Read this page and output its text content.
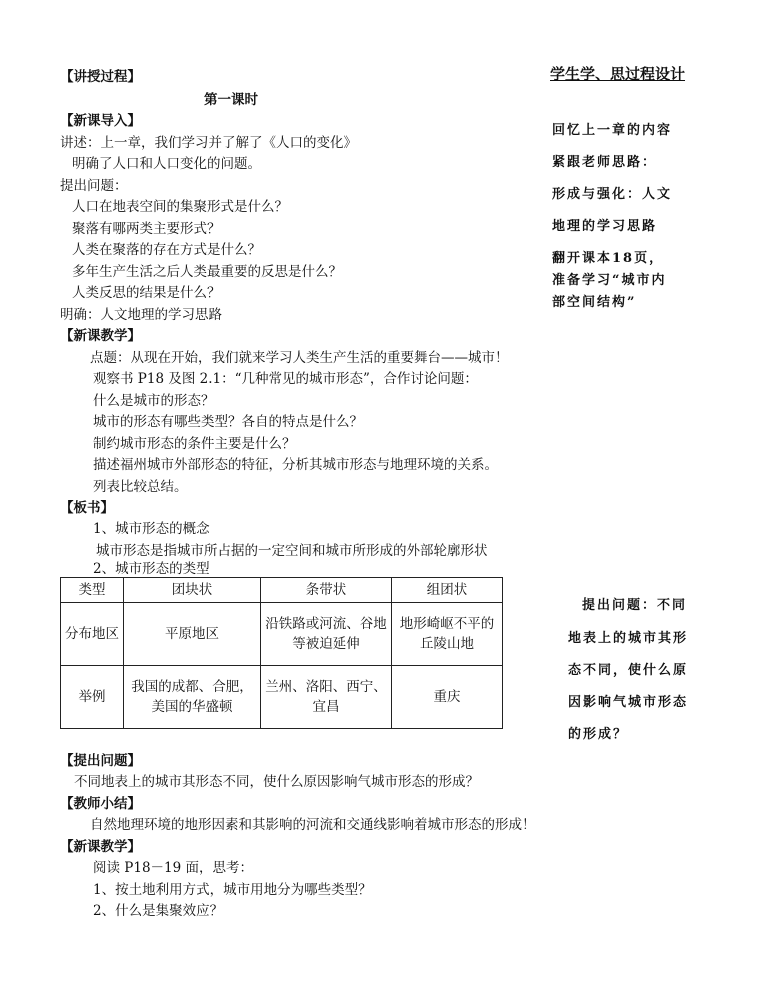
【讲授过程】	学生学、思过程设计
第一课时
【新课导入】
讲述：上一章，我们学习并了解了《人口的变化》
明确了人口和人口变化的问题。
提出问题：
人口在地表空间的集聚形式是什么？
聚落有哪两类主要形式？
人类在聚落的存在方式是什么？
多年生产生活之后人类最重要的反思是什么？
人类反思的结果是什么？
明确：人文地理的学习思路
回忆上一章的内容
紧跟老师思路：
形成与强化：人文
地理的学习思路
翻开课本18页，
准备学习“城市内
部空间结构”
【新课教学】
点题：从现在开始，我们就来学习人类生产生活的重要舞台——城市！
观察书 P18 及图 2.1：“几种常见的城市形态”，合作讨论问题：
什么是城市的形态？
城市的形态有哪些类型？各自的特点是什么？
制约城市形态的条件主要是什么？
描述福州城市外部形态的特征，分析其城市形态与地理环境的关系。
列表比较总结。
【板书】
1、城市形态的概念
城市形态是指城市所占据的一定空间和城市所形成的外部轮廓形状
2、城市形态的类型
类型	团块状	条带状	组团状
分布地区	平原地区	沿铁路或河流、谷地等被迫延伸	地形崎岖不平的丘陵山地
举例	我国的成都、合肥，美国的华盛顿	兰州、洛阳、西宁、宜昌	重庆
提出问题：不同
地表上的城市其形
态不同，使什么原
因影响气城市形态
的形成？
【提出问题】
不同地表上的城市其形态不同，使什么原因影响气城市形态的形成？
【教师小结】
自然地理环境的地形因素和其影响的河流和交通线影响着城市形态的形成！
【新课教学】
阅读 P18－19 面，思考：
1、按土地利用方式，城市用地分为哪些类型？
2、什么是集聚效应？
